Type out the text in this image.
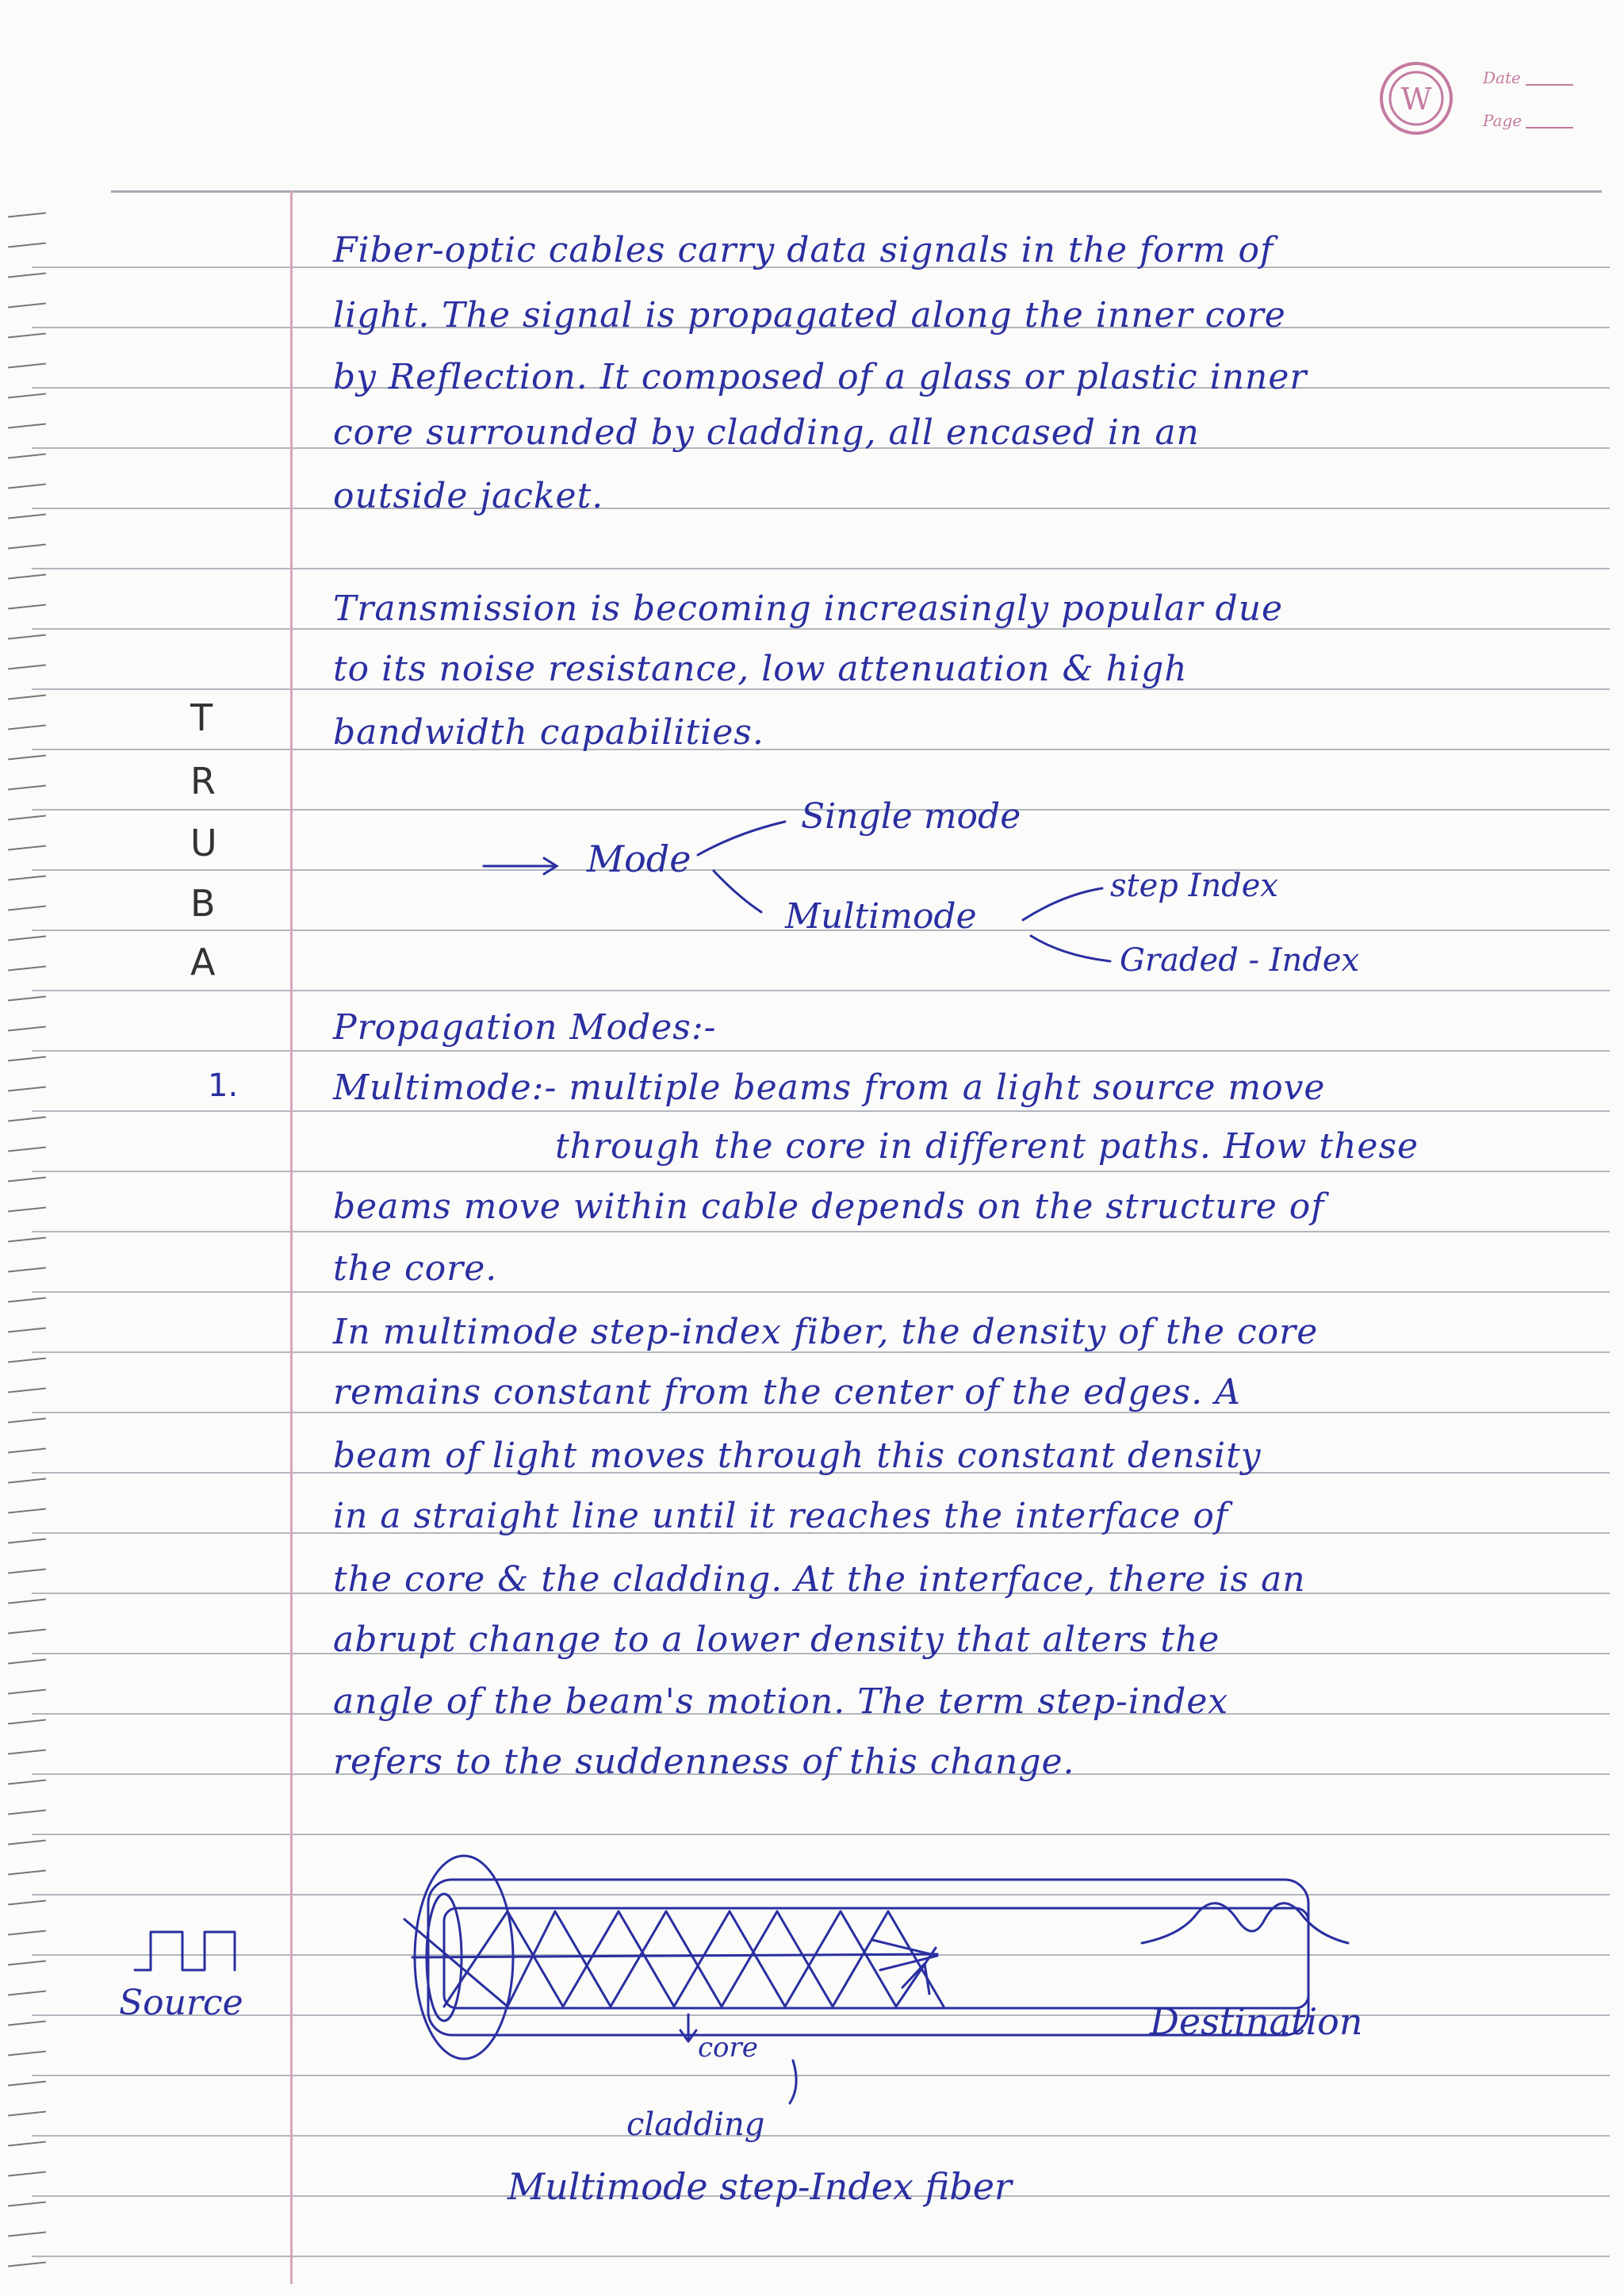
W
Date
Page
Fiber-optic cables carry data signals in the form of
light. The signal is propagated along the inner core
by Reflection. It composed of a glass or plastic inner
core surrounded by cladding, all encased in an
outside jacket.
Transmission is becoming increasingly popular due
to its noise resistance, low attenuation & high
bandwidth capabilities.
T
R
U
B
A
Mode
Single mode
Multimode
step Index
Graded - Index
Propagation Modes:-
1.	Multimode:- multiple beams from a light source move
through the core in different paths. How these
beams move within cable depends on the structure of
the core.
In multimode step-index fiber, the density of the core
remains constant from the center of the edges. A
beam of light moves through this constant density
in a straight line until it reaches the interface of
the core & the cladding. At the interface, there is an
abrupt change to a lower density that alters the
angle of the beam's motion. The term step-index
refers to the suddenness of this change.
Source	Destination
core
cladding
Multimode step-Index fiber
